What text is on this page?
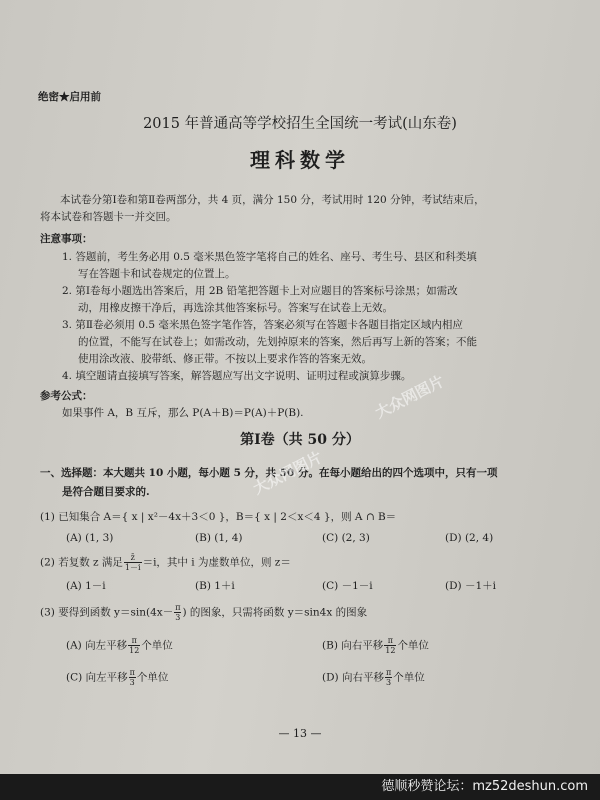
绝密★启用前
2015 年普通高等学校招生全国统一考试(山东卷)
理科数学
本试卷分第Ⅰ卷和第Ⅱ卷两部分，共 4 页，满分 150 分，考试用时 120 分钟，考试结束后，
将本试卷和答题卡一并交回。
注意事项：
1. 答题前，考生务必用 0.5 毫米黑色签字笔将自己的姓名、座号、考生号、县区和科类填
写在答题卡和试卷规定的位置上。
2. 第Ⅰ卷每小题选出答案后，用 2B 铅笔把答题卡上对应题目的答案标号涂黑；如需改
动，用橡皮擦干净后，再选涂其他答案标号。答案写在试卷上无效。
3. 第Ⅱ卷必须用 0.5 毫米黑色签字笔作答，答案必须写在答题卡各题目指定区域内相应
的位置，不能写在试卷上；如需改动，先划掉原来的答案，然后再写上新的答案；不能
使用涂改液、胶带纸、修正带。不按以上要求作答的答案无效。
4. 填空题请直接填写答案，解答题应写出文字说明、证明过程或演算步骤。
参考公式：
如果事件 A，B 互斥，那么 P(A＋B)＝P(A)＋P(B).
第Ⅰ卷（共 50 分）
一、选择题：本大题共 10 小题，每小题 5 分，共 50 分。在每小题给出的四个选项中，只有一项
是符合题目要求的.
(1) 已知集合 A＝{ x | x²－4x＋3＜0 }，B＝{ x | 2＜x＜4 }，则 A ∩ B＝
(A) (1, 3)	(B) (1, 4)	(C) (2, 3)	(D) (2, 4)
(2) 若复数 z 满足 $\frac{z̄}{1-i} =i$，其中 i 为虚数单位，则 z＝
(A) 1－i	(B) 1＋i	(C) －1－i	(D) －1＋i
(3) 要得到函数 $y=\sin(4x- \frac{\pi}{3}$ ) 的图象，只需将函数 y＝sin4x 的图象
(A) 向左平移 $\frac{\pi}{12}$ 个单位	(B) 向右平移 $\frac{\pi}{12}$ 个单位
(C) 向左平移 $\frac{\pi}{3}$ 个单位	(D) 向右平移 $\frac{\pi}{3}$ 个单位
— 13 —
大众网图片
大众网图片
德顺秒赞论坛：mz52deshun.com
